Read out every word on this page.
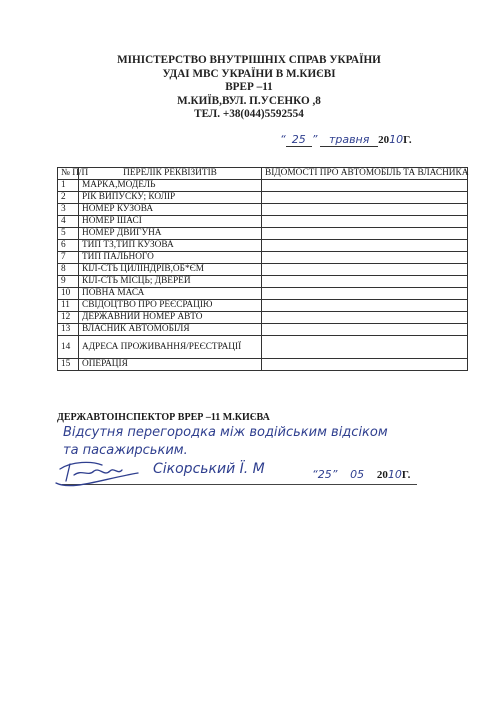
МІНІСТЕРСТВО ВНУТРІШНІХ СПРАВ УКРАЇНИ
УДАІ МВС УКРАЇНИ В М.КИЄВІ
ВРЕР –11
М.КИЇВ,ВУЛ. П.УСЕНКО ,8
ТЕЛ. +38(044)5592554
“ 25 ” травня 2010Г.
№ П/П	ПЕРЕЛІК РЕКВІЗИТІВ	ВІДОМОСТІ ПРО АВТОМОБІЛЬ ТА ВЛАСНИКА
1	МАРКА,МОДЕЛЬ	
2	РІК ВИПУСКУ; КОЛІР	
3	НОМЕР КУЗОВА	
4	НОМЕР ШАСІ	
5	НОМЕР ДВИГУНА	
6	ТИП ТЗ,ТИП КУЗОВА	
7	ТИП ПАЛЬНОГО	
8	КІЛ-СТЬ ЦИЛІНДРІВ,ОБ*ЄМ	
9	КІЛ-СТЬ МІСЦЬ; ДВЕРЕЙ	
10	ПОВНА МАСА	
11	СВІДОЦТВО ПРО РЕЄСРАЦІЮ	
12	ДЕРЖАВНИЙ НОМЕР АВТО	
13	ВЛАСНИК АВТОМОБІЛЯ	
14	АДРЕСА ПРОЖИВАННЯ/РЕЄСТРАЦІЇ	
15	ОПЕРАЦІЯ	
ДЕРЖАВТОІНСПЕКТОР ВРЕР –11 М.КИЄВА
Відсутня перегородка між водійським відсіком
та пасажирським.
Сікорський Ї. М	“25” 05 2010Г.
